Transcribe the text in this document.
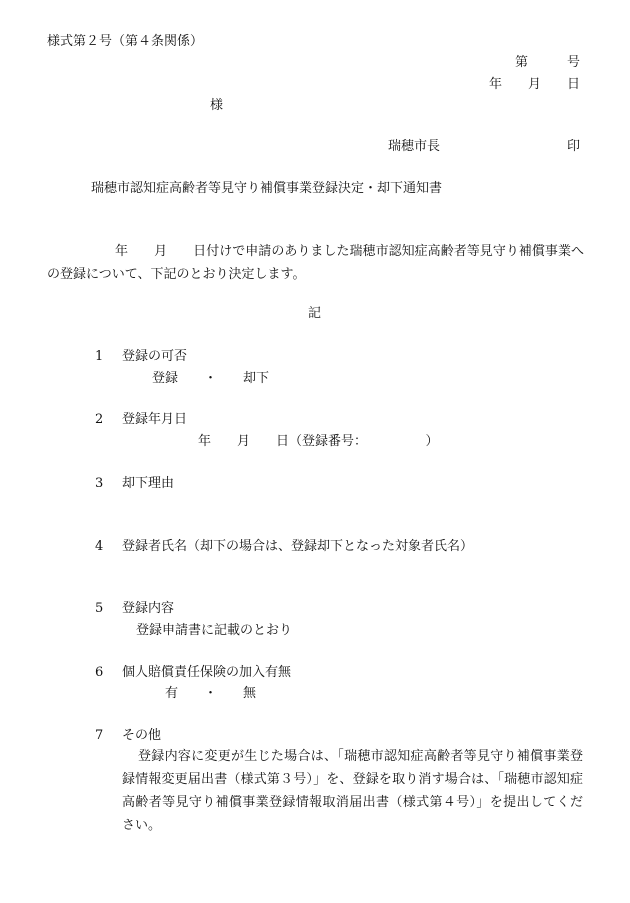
様式第２号（第４条関係）
第　　　号
年　　月　　日
様
瑞穂市長	印
瑞穂市認知症高齢者等見守り補償事業登録決定・却下通知書
年　　月　　日付けで申請のありました瑞穂市認知症高齢者等見守り補償事業への登録について、下記のとおり決定します。
記
1 登録の可否
登録　　・　　却下
2 登録年月日
年　　月　　日（登録番号：　　　　　）
3 却下理由
4 登録者氏名（却下の場合は、登録却下となった対象者氏名）
5 登録内容
登録申請書に記載のとおり
6 個人賠償責任保険の加入有無
有　　・　　無
7 その他
登録内容に変更が生じた場合は、「瑞穂市認知症高齢者等見守り補償事業登録情報変更届出書（様式第３号）」を、登録を取り消す場合は、「瑞穂市認知症高齢者等見守り補償事業登録情報取消届出書（様式第４号）」を提出してください。
